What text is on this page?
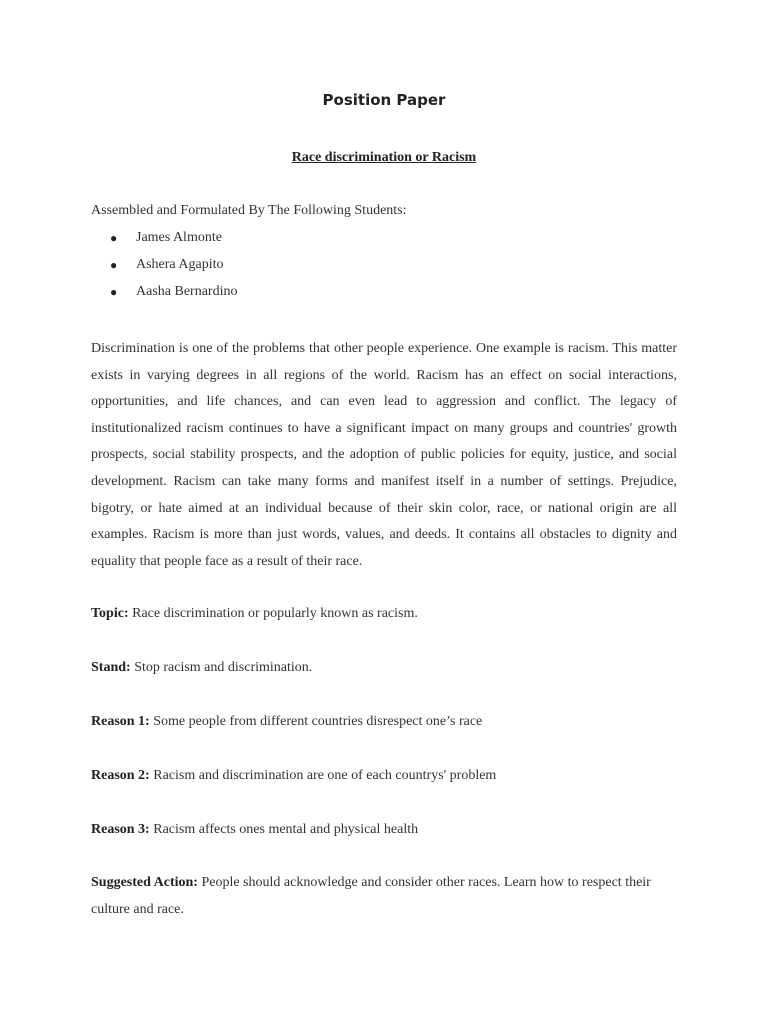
Position Paper
Race discrimination or Racism
Assembled and Formulated By The Following Students:
●	James Almonte
●	Ashera Agapito
●	Aasha Bernardino

Discrimination is one of the problems that other people experience. One example is racism. This matter exists in varying degrees in all regions of the world. Racism has an effect on social interactions, opportunities, and life chances, and can even lead to aggression and conflict. The legacy of institutionalized racism continues to have a significant impact on many groups and countries' growth prospects, social stability prospects, and the adoption of public policies for equity, justice, and social development. Racism can take many forms and manifest itself in a number of settings. Prejudice, bigotry, or hate aimed at an individual because of their skin color, race, or national origin are all examples. Racism is more than just words, values, and deeds. It contains all obstacles to dignity and equality that people face as a result of their race.

Topic: Race discrimination or popularly known as racism.

Stand: Stop racism and discrimination.

Reason 1: Some people from different countries disrespect one’s race

Reason 2: Racism and discrimination are one of each countrys' problem

Reason 3: Racism affects ones mental and physical health

Suggested Action: People should acknowledge and consider other races. Learn how to respect their culture and race.
